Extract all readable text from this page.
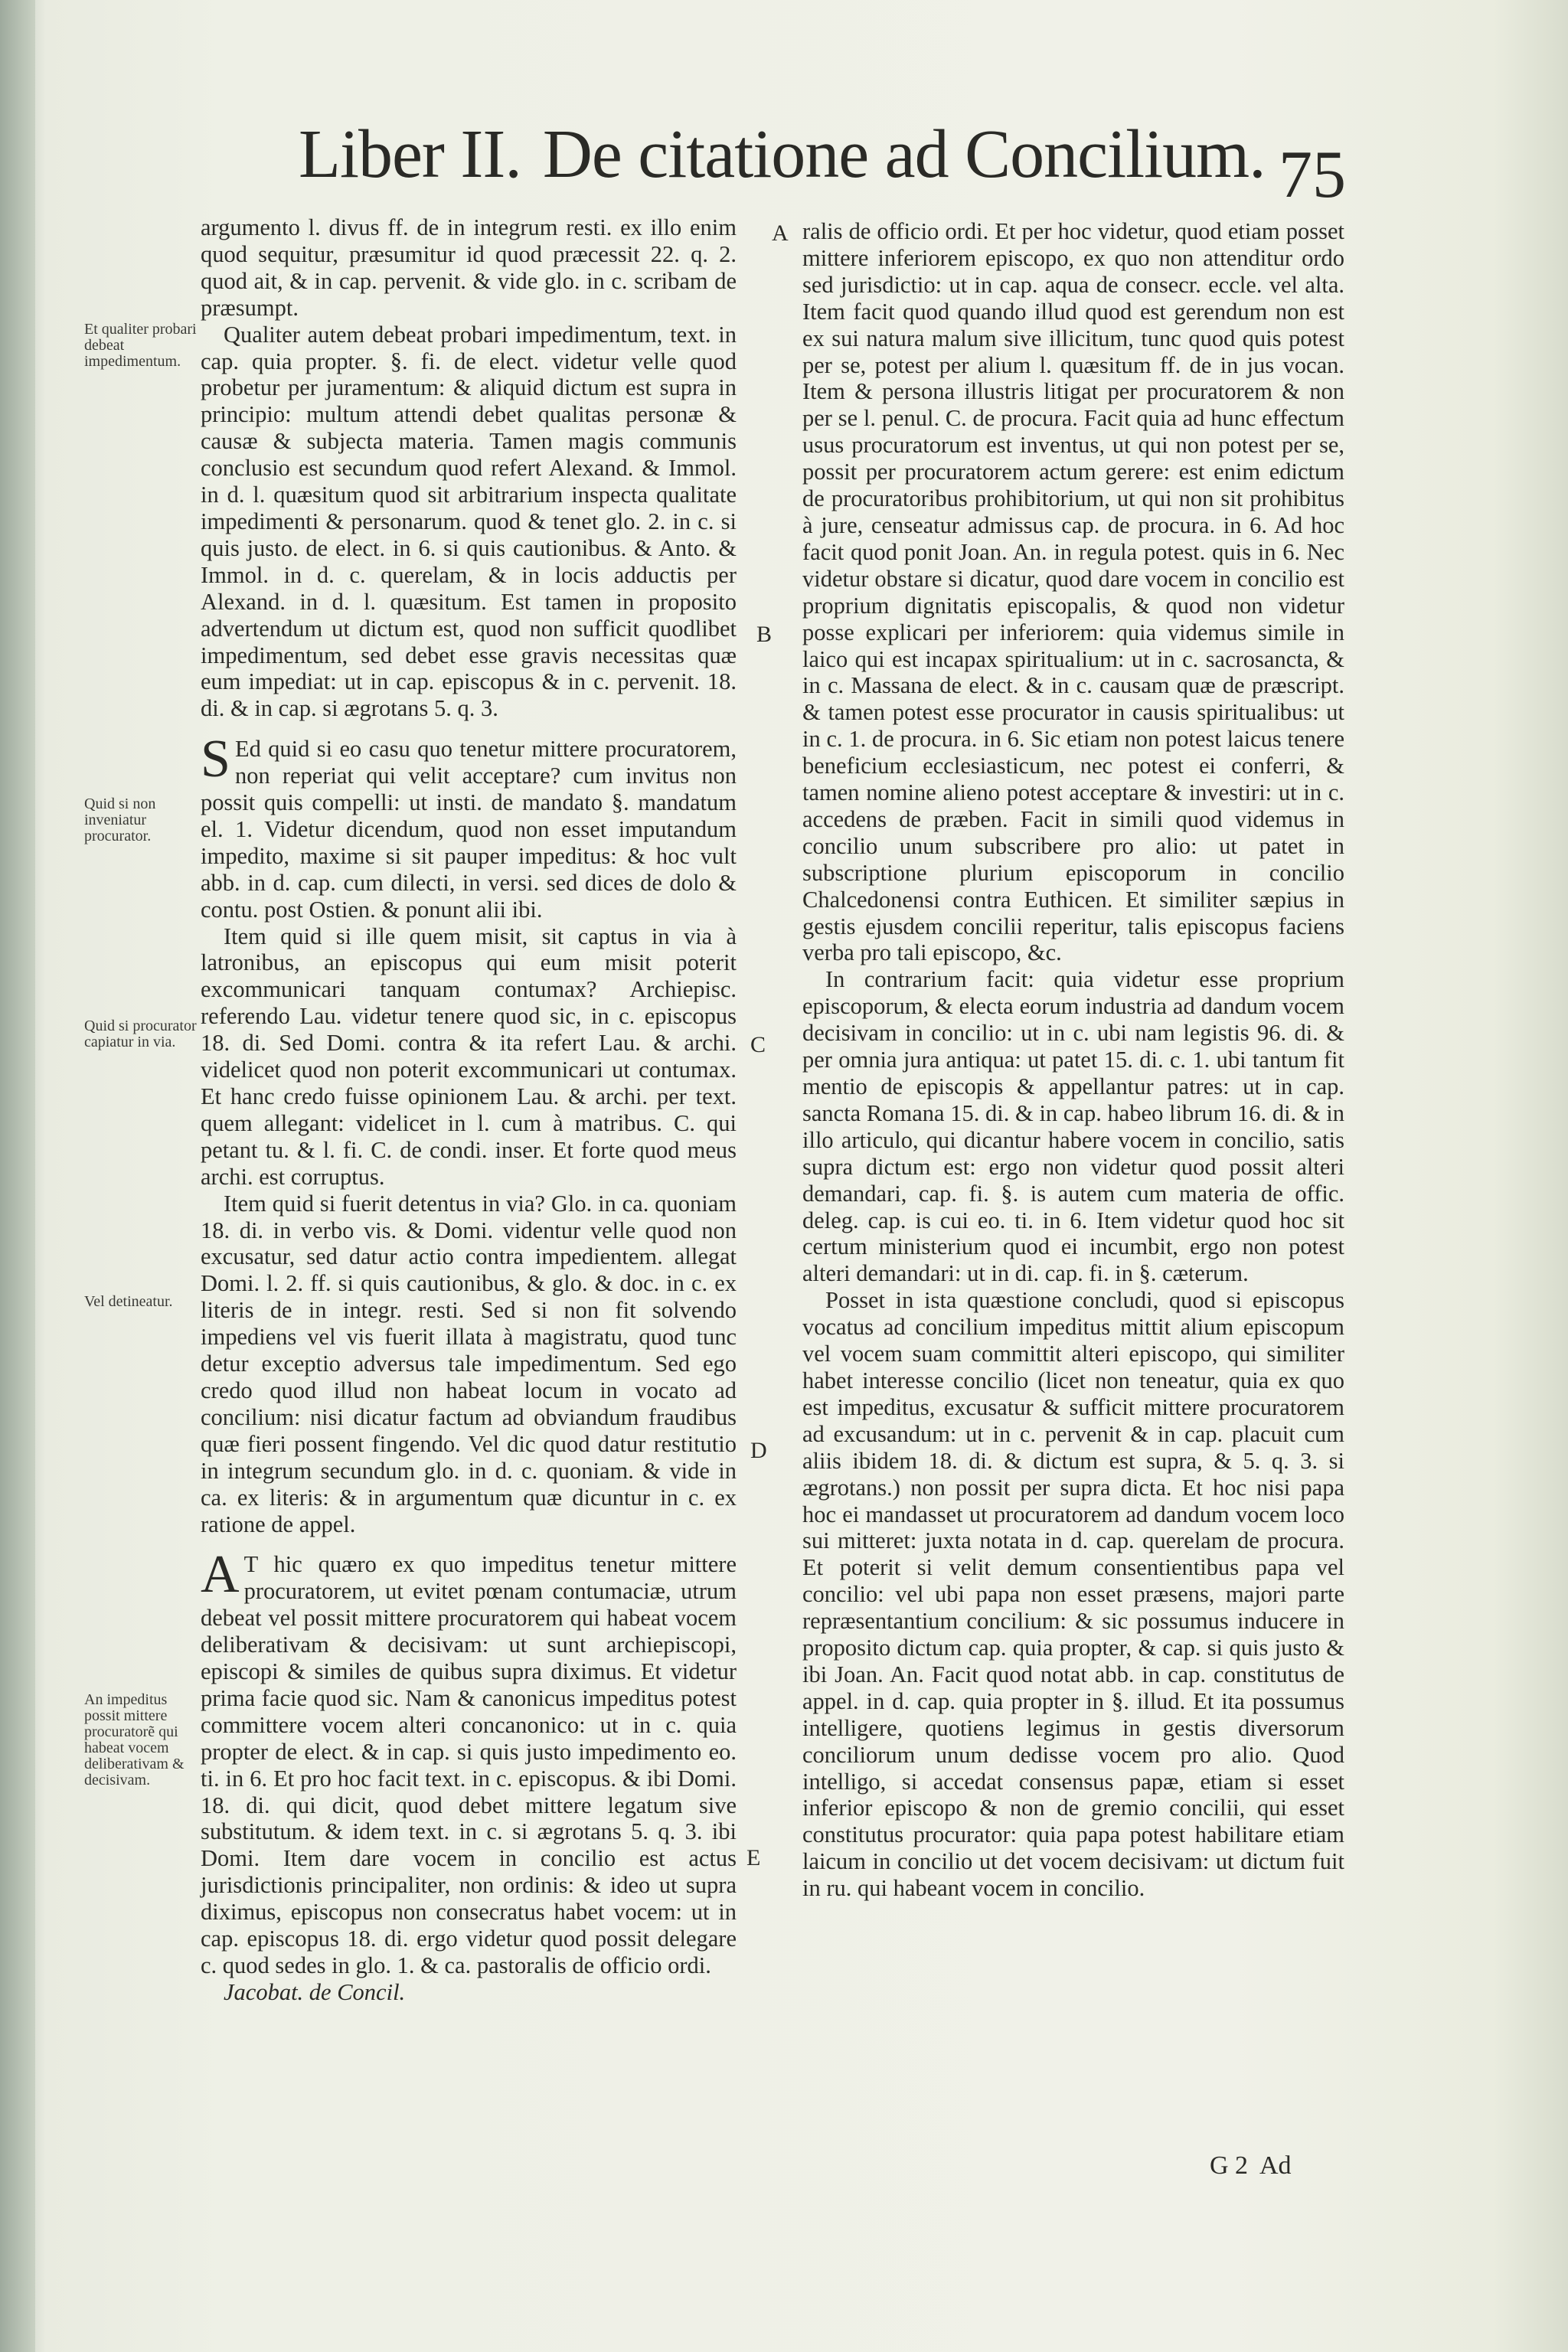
Liber II. De citatione ad Concilium. 75
Et qualiter probari debeat impedimentum.
Quid si non inveniatur procurator.
Quid si procurator capiatur in via.
Vel detineatur.
An impeditus possit mittere procuratorẽ qui habeat vocem deliberativam & decisivam.
A
B
C
D
E

argumento l. divus ff. de in integrum resti. ex illo enim quod sequitur, præsumitur id quod præcessit 22. q. 2. quod ait, & in cap. pervenit. & vide glo. in c. scribam de præsumpt.

Qualiter autem debeat probari impedimentum, text. in cap. quia propter. §. fi. de elect. videtur velle quod probetur per juramentum: & aliquid dictum est supra in principio: multum attendi debet qualitas personæ & causæ & subjecta materia. Tamen magis communis conclusio est secundum quod refert Alexand. & Immol. in d. l. quæsitum quod sit arbitrarium inspecta qualitate impedimenti & personarum. quod & tenet glo. 2. in c. si quis justo. de elect. in 6. si quis cautionibus. & Anto. & Immol. in d. c. querelam, & in locis adductis per Alexand. in d. l. quæsitum. Est tamen in proposito advertendum ut dictum est, quod non sufficit quodlibet impedimentum, sed debet esse gravis necessitas quæ eum impediat: ut in cap. episcopus & in c. pervenit. 18. di. & in cap. si ægrotans 5. q. 3.

S Ed quid si eo casu quo tenetur mittere procuratorem, non reperiat qui velit acceptare? cum invitus non possit quis compelli: ut insti. de mandato §. mandatum el. 1. Videtur dicendum, quod non esset imputandum impedito, maxime si sit pauper impeditus: & hoc vult abb. in d. cap. cum dilecti, in versi. sed dices de dolo & contu. post Ostien. & ponunt alii ibi.

Item quid si ille quem misit, sit captus in via à latronibus, an episcopus qui eum misit poterit excommunicari tanquam contumax? Archiepisc. referendo Lau. videtur tenere quod sic, in c. episcopus 18. di. Sed Domi. contra & ita refert Lau. & archi. videlicet quod non poterit excommunicari ut contumax. Et hanc credo fuisse opinionem Lau. & archi. per text. quem allegant: videlicet in l. cum à matribus. C. qui petant tu. & l. fi. C. de condi. inser. Et forte quod meus archi. est corruptus.

Item quid si fuerit detentus in via? Glo. in ca. quoniam 18. di. in verbo vis. & Domi. videntur velle quod non excusatur, sed datur actio contra impedientem. allegat Domi. l. 2. ff. si quis cautionibus, & glo. & doc. in c. ex literis de in integr. resti. Sed si non fit solvendo impediens vel vis fuerit illata à magistratu, quod tunc detur exceptio adversus tale impedimentum. Sed ego credo quod illud non habeat locum in vocato ad concilium: nisi dicatur factum ad obviandum fraudibus quæ fieri possent fingendo. Vel dic quod datur restitutio in integrum secundum glo. in d. c. quoniam. & vide in ca. ex literis: & in argumentum quæ dicuntur in c. ex ratione de appel.

A T hic quæro ex quo impeditus tenetur mittere procuratorem, ut evitet pœnam contumaciæ, utrum debeat vel possit mittere procuratorem qui habeat vocem deliberativam & decisivam: ut sunt archiepiscopi, episcopi & similes de quibus supra diximus. Et videtur prima facie quod sic. Nam & canonicus impeditus potest committere vocem alteri concanonico: ut in c. quia propter de elect. & in cap. si quis justo impedimento eo. ti. in 6. Et pro hoc facit text. in c. episcopus. & ibi Domi. 18. di. qui dicit, quod debet mittere legatum sive substitutum. & idem text. in c. si ægrotans 5. q. 3. ibi Domi. Item dare vocem in concilio est actus jurisdictionis principaliter, non ordinis: & ideo ut supra diximus, episcopus non consecratus habet vocem: ut in cap. episcopus 18. di. ergo videtur quod possit delegare c. quod sedes in glo. 1. & ca. pastoralis de officio ordi.

Jacobat. de Concil.

ralis de officio ordi. Et per hoc videtur, quod etiam posset mittere inferiorem episcopo, ex quo non attenditur ordo sed jurisdictio: ut in cap. aqua de consecr. eccle. vel alta. Item facit quod quando illud quod est gerendum non est ex sui natura malum sive illicitum, tunc quod quis potest per se, potest per alium l. quæsitum ff. de in jus vocan. Item & persona illustris litigat per procuratorem & non per se l. penul. C. de procura. Facit quia ad hunc effectum usus procuratorum est inventus, ut qui non potest per se, possit per procuratorem actum gerere: est enim edictum de procuratoribus prohibitorium, ut qui non sit prohibitus à jure, censeatur admissus cap. de procura. in 6. Ad hoc facit quod ponit Joan. An. in regula potest. quis in 6. Nec videtur obstare si dicatur, quod dare vocem in concilio est proprium dignitatis episcopalis, & quod non videtur posse explicari per inferiorem: quia videmus simile in laico qui est incapax spiritualium: ut in c. sacrosancta, & in c. Massana de elect. & in c. causam quæ de præscript. & tamen potest esse procurator in causis spiritualibus: ut in c. 1. de procura. in 6. Sic etiam non potest laicus tenere beneficium ecclesiasticum, nec potest ei conferri, & tamen nomine alieno potest acceptare & investiri: ut in c. accedens de præben. Facit in simili quod videmus in concilio unum subscribere pro alio: ut patet in subscriptione plurium episcoporum in concilio Chalcedonensi contra Euthicen. Et similiter sæpius in gestis ejusdem concilii reperitur, talis episcopus faciens verba pro tali episcopo, &c.

In contrarium facit: quia videtur esse proprium episcoporum, & electa eorum industria ad dandum vocem decisivam in concilio: ut in c. ubi nam legistis 96. di. & per omnia jura antiqua: ut patet 15. di. c. 1. ubi tantum fit mentio de episcopis & appellantur patres: ut in cap. sancta Romana 15. di. & in cap. habeo librum 16. di. & in illo articulo, qui dicantur habere vocem in concilio, satis supra dictum est: ergo non videtur quod possit alteri demandari, cap. fi. §. is autem cum materia de offic. deleg. cap. is cui eo. ti. in 6. Item videtur quod hoc sit certum ministerium quod ei incumbit, ergo non potest alteri demandari: ut in di. cap. fi. in §. cæterum.

Posset in ista quæstione concludi, quod si episcopus vocatus ad concilium impeditus mittit alium episcopum vel vocem suam committit alteri episcopo, qui similiter habet interesse concilio (licet non teneatur, quia ex quo est impeditus, excusatur & sufficit mittere procuratorem ad excusandum: ut in c. pervenit & in cap. placuit cum aliis ibidem 18. di. & dictum est supra, & 5. q. 3. si ægrotans.) non possit per supra dicta. Et hoc nisi papa hoc ei mandasset ut procuratorem ad dandum vocem loco sui mitteret: juxta notata in d. cap. querelam de procura. Et poterit si velit demum consentientibus papa vel concilio: vel ubi papa non esset præsens, majori parte repræsentantium concilium: & sic possumus inducere in proposito dictum cap. quia propter, & cap. si quis justo & ibi Joan. An. Facit quod notat abb. in cap. constitutus de appel. in d. cap. quia propter in §. illud. Et ita possumus intelligere, quotiens legimus in gestis diversorum conciliorum unum dedisse vocem pro alio. Quod intelligo, si accedat consensus papæ, etiam si esset inferior episcopo & non de gremio concilii, qui esset constitutus procurator: quia papa potest habilitare etiam laicum in concilio ut det vocem decisivam: ut dictum fuit in ru. qui habeant vocem in concilio.

G 2 Ad
